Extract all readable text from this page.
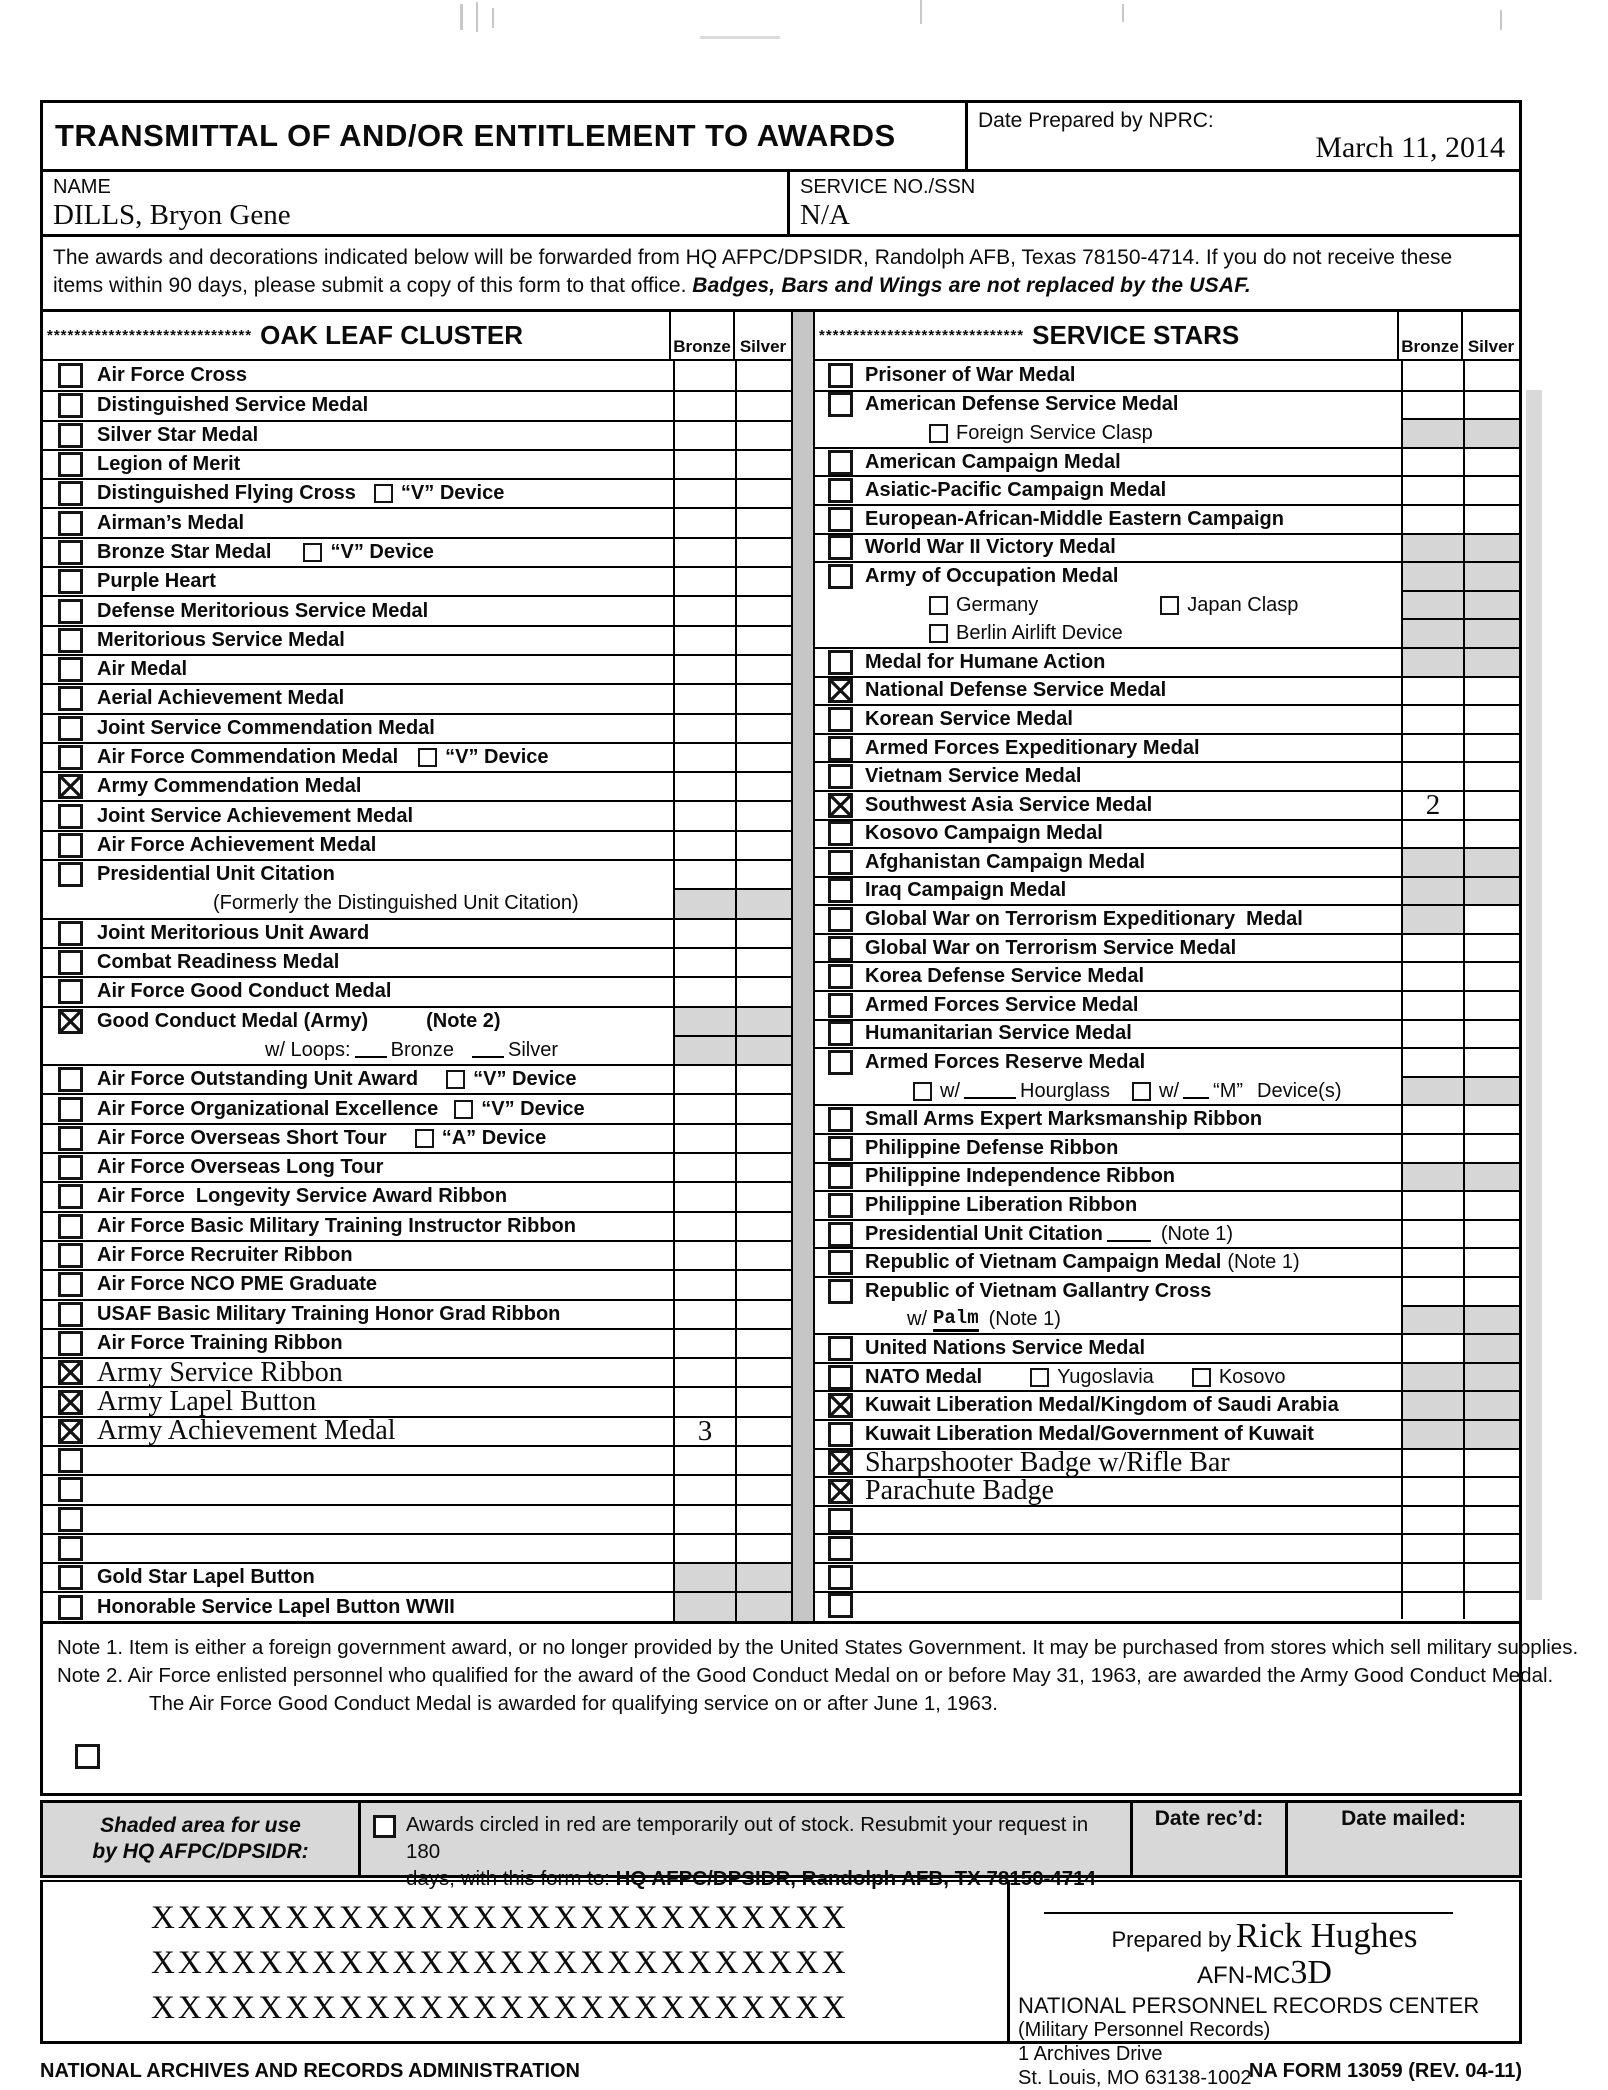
TRANSMITTAL OF AND/OR ENTITLEMENT TO AWARDS	Date Prepared by NPRC:
March 11, 2014
NAME
DILLS, Bryon Gene
SERVICE NO./SSN
N/A
The awards and decorations indicated below will be forwarded from HQ AFPC/DPSIDR, Randolph AFB, Texas 78150-4714. If you do not receive these
items within 90 days, please submit a copy of this form to that office. Badges, Bars and Wings are not replaced by the USAF.
****************************** OAK LEAF CLUSTER	Bronze Silver
Air Force Cross
Distinguished Service Medal
Silver Star Medal
Legion of Merit
Distinguished Flying Cross “V” Device
Airman’s Medal
Bronze Star Medal	“V” Device
Purple Heart
Defense Meritorious Service Medal
Meritorious Service Medal
Air Medal
Aerial Achievement Medal
Joint Service Commendation Medal
Air Force Commendation Medal “V” Device
Army Commendation Medal
Joint Service Achievement Medal
Air Force Achievement Medal
Presidential Unit Citation
(Formerly the Distinguished Unit Citation)
Joint Meritorious Unit Award
Combat Readiness Medal
Air Force Good Conduct Medal
Good Conduct Medal (Army)	(Note 2)
w/ Loops: Bronze	Silver
Air Force Outstanding Unit Award	“V” Device
Air Force Organizational Excellence “V” Device
Air Force Overseas Short Tour	“A” Device
Air Force Overseas Long Tour
Air Force  Longevity Service Award Ribbon
Air Force Basic Military Training Instructor Ribbon
Air Force Recruiter Ribbon
Air Force NCO PME Graduate
USAF Basic Military Training Honor Grad Ribbon
Air Force Training Ribbon
Army Service Ribbon
Army Lapel Button
Army Achievement Medal	3
Gold Star Lapel Button
Honorable Service Lapel Button WWII
****************************** SERVICE STARS	Bronze Silver
Prisoner of War Medal
American Defense Service Medal
Foreign Service Clasp
American Campaign Medal
Asiatic-Pacific Campaign Medal
European-African-Middle Eastern Campaign
World War II Victory Medal
Army of Occupation Medal
Germany	Japan Clasp
Berlin Airlift Device
Medal for Humane Action
National Defense Service Medal
Korean Service Medal
Armed Forces Expeditionary Medal
Vietnam Service Medal
Southwest Asia Service Medal	2
Kosovo Campaign Medal
Afghanistan Campaign Medal
Iraq Campaign Medal
Global War on Terrorism Expeditionary  Medal
Global War on Terrorism Service Medal
Korea Defense Service Medal
Armed Forces Service Medal
Humanitarian Service Medal
Armed Forces Reserve Medal
w/	Hourglass w/ “M” Device(s)
Small Arms Expert Marksmanship Ribbon
Philippine Defense Ribbon
Philippine Independence Ribbon
Philippine Liberation Ribbon
Presidential Unit Citation	(Note 1)
Republic of Vietnam Campaign Medal (Note 1)
Republic of Vietnam Gallantry Cross
w/ Palm (Note 1)
United Nations Service Medal
NATO Medal	Yugoslavia	Kosovo
Kuwait Liberation Medal/Kingdom of Saudi Arabia
Kuwait Liberation Medal/Government of Kuwait
Sharpshooter Badge w/Rifle Bar
Parachute Badge
Note 1. Item is either a foreign government award, or no longer provided by the United States Government. It may be purchased from stores which sell military supplies.
Note 2. Air Force enlisted personnel who qualified for the award of the Good Conduct Medal on or before May 31, 1963, are awarded the Army Good Conduct Medal.
The Air Force Good Conduct Medal is awarded for qualifying service on or after June 1, 1963.
Shaded area for use
by HQ AFPC/DPSIDR:
Awards circled in red are temporarily out of stock. Resubmit your request in 180
days, with this form to: HQ AFPC/DPSIDR, Randolph AFB, TX 78150-4714
Date rec’d:	Date mailed:
XXXXXXXXXXXXXXXXXXXXXXXXXX
XXXXXXXXXXXXXXXXXXXXXXXXXX
XXXXXXXXXXXXXXXXXXXXXXXXXX
Prepared by Rick Hughes
AFN-MC3D
NATIONAL PERSONNEL RECORDS CENTER
(Military Personnel Records)
1 Archives Drive
St. Louis, MO 63138-1002
NATIONAL ARCHIVES AND RECORDS ADMINISTRATION	NA FORM 13059 (REV. 04-11)
